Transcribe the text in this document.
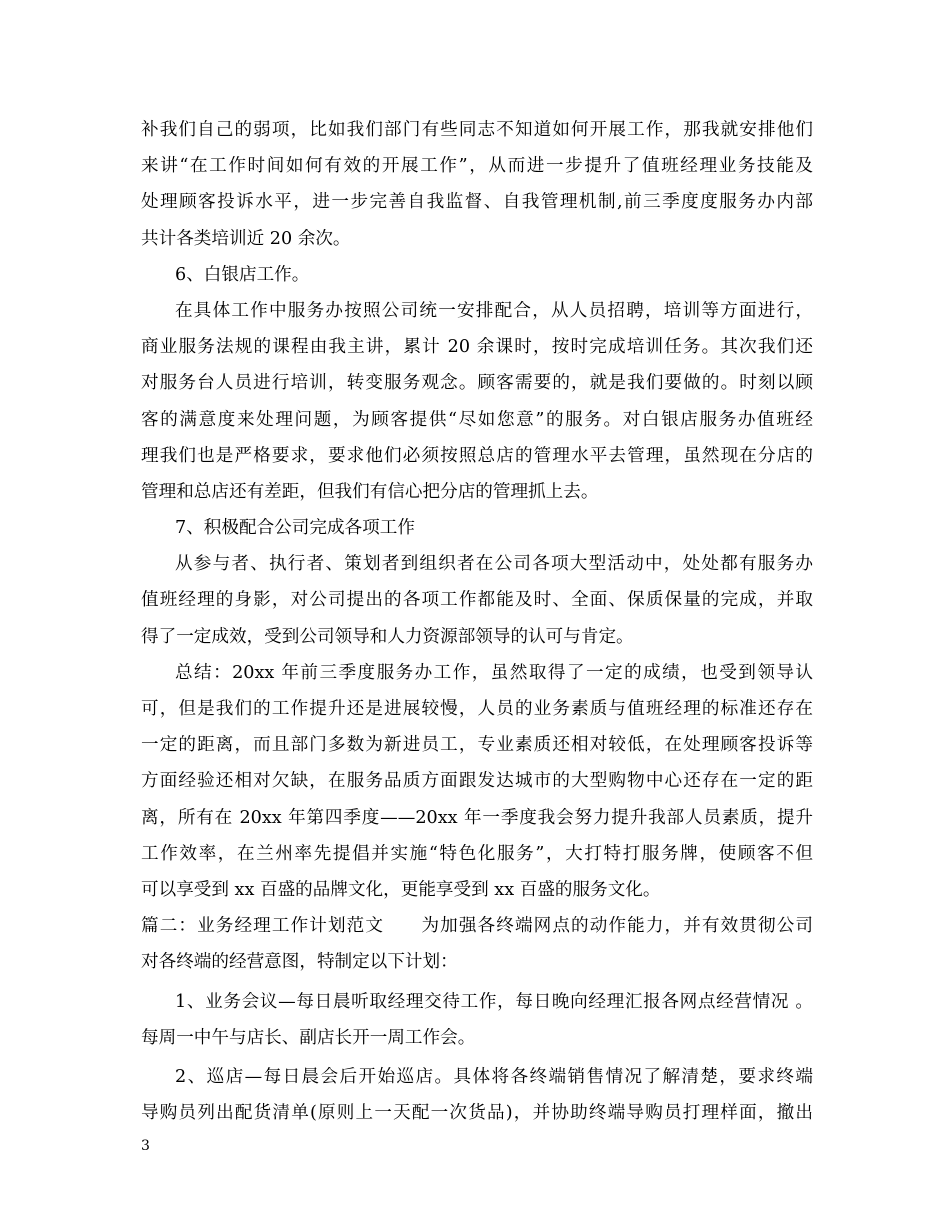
补我们自己的弱项，比如我们部门有些同志不知道如何开展工作，那我就安排他们
来讲“在工作时间如何有效的开展工作”，从而进一步提升了值班经理业务技能及
处理顾客投诉水平，进一步完善自我监督、自我管理机制,前三季度度服务办内部
共计各类培训近 20 余次。
6、白银店工作。
在具体工作中服务办按照公司统一安排配合，从人员招聘，培训等方面进行，
商业服务法规的课程由我主讲，累计 20 余课时，按时完成培训任务。其次我们还
对服务台人员进行培训，转变服务观念。顾客需要的，就是我们要做的。时刻以顾
客的满意度来处理问题，为顾客提供“尽如您意”的服务。对白银店服务办值班经
理我们也是严格要求，要求他们必须按照总店的管理水平去管理，虽然现在分店的
管理和总店还有差距，但我们有信心把分店的管理抓上去。
7、积极配合公司完成各项工作
从参与者、执行者、策划者到组织者在公司各项大型活动中，处处都有服务办
值班经理的身影，对公司提出的各项工作都能及时、全面、保质保量的完成，并取
得了一定成效，受到公司领导和人力资源部领导的认可与肯定。
总结：20xx 年前三季度服务办工作，虽然取得了一定的成绩，也受到领导认
可，但是我们的工作提升还是进展较慢，人员的业务素质与值班经理的标准还存在
一定的距离，而且部门多数为新进员工，专业素质还相对较低，在处理顾客投诉等
方面经验还相对欠缺，在服务品质方面跟发达城市的大型购物中心还存在一定的距
离，所有在 20xx 年第四季度——20xx 年一季度我会努力提升我部人员素质，提升
工作效率，在兰州率先提倡并实施“特色化服务”，大打特打服务牌，使顾客不但
可以享受到 xx 百盛的品牌文化，更能享受到 xx 百盛的服务文化。
篇二：业务经理工作计划范文　　为加强各终端网点的动作能力，并有效贯彻公司
对各终端的经营意图，特制定以下计划：
1、业务会议—每日晨听取经理交待工作，每日晚向经理汇报各网点经营情况 。
每周一中午与店长、副店长开一周工作会。
2、巡店—每日晨会后开始巡店。具体将各终端销售情况了解清楚，要求终端
导购员列出配货清单(原则上一天配一次货品)，并协助终端导购员打理样面，撤出
3
